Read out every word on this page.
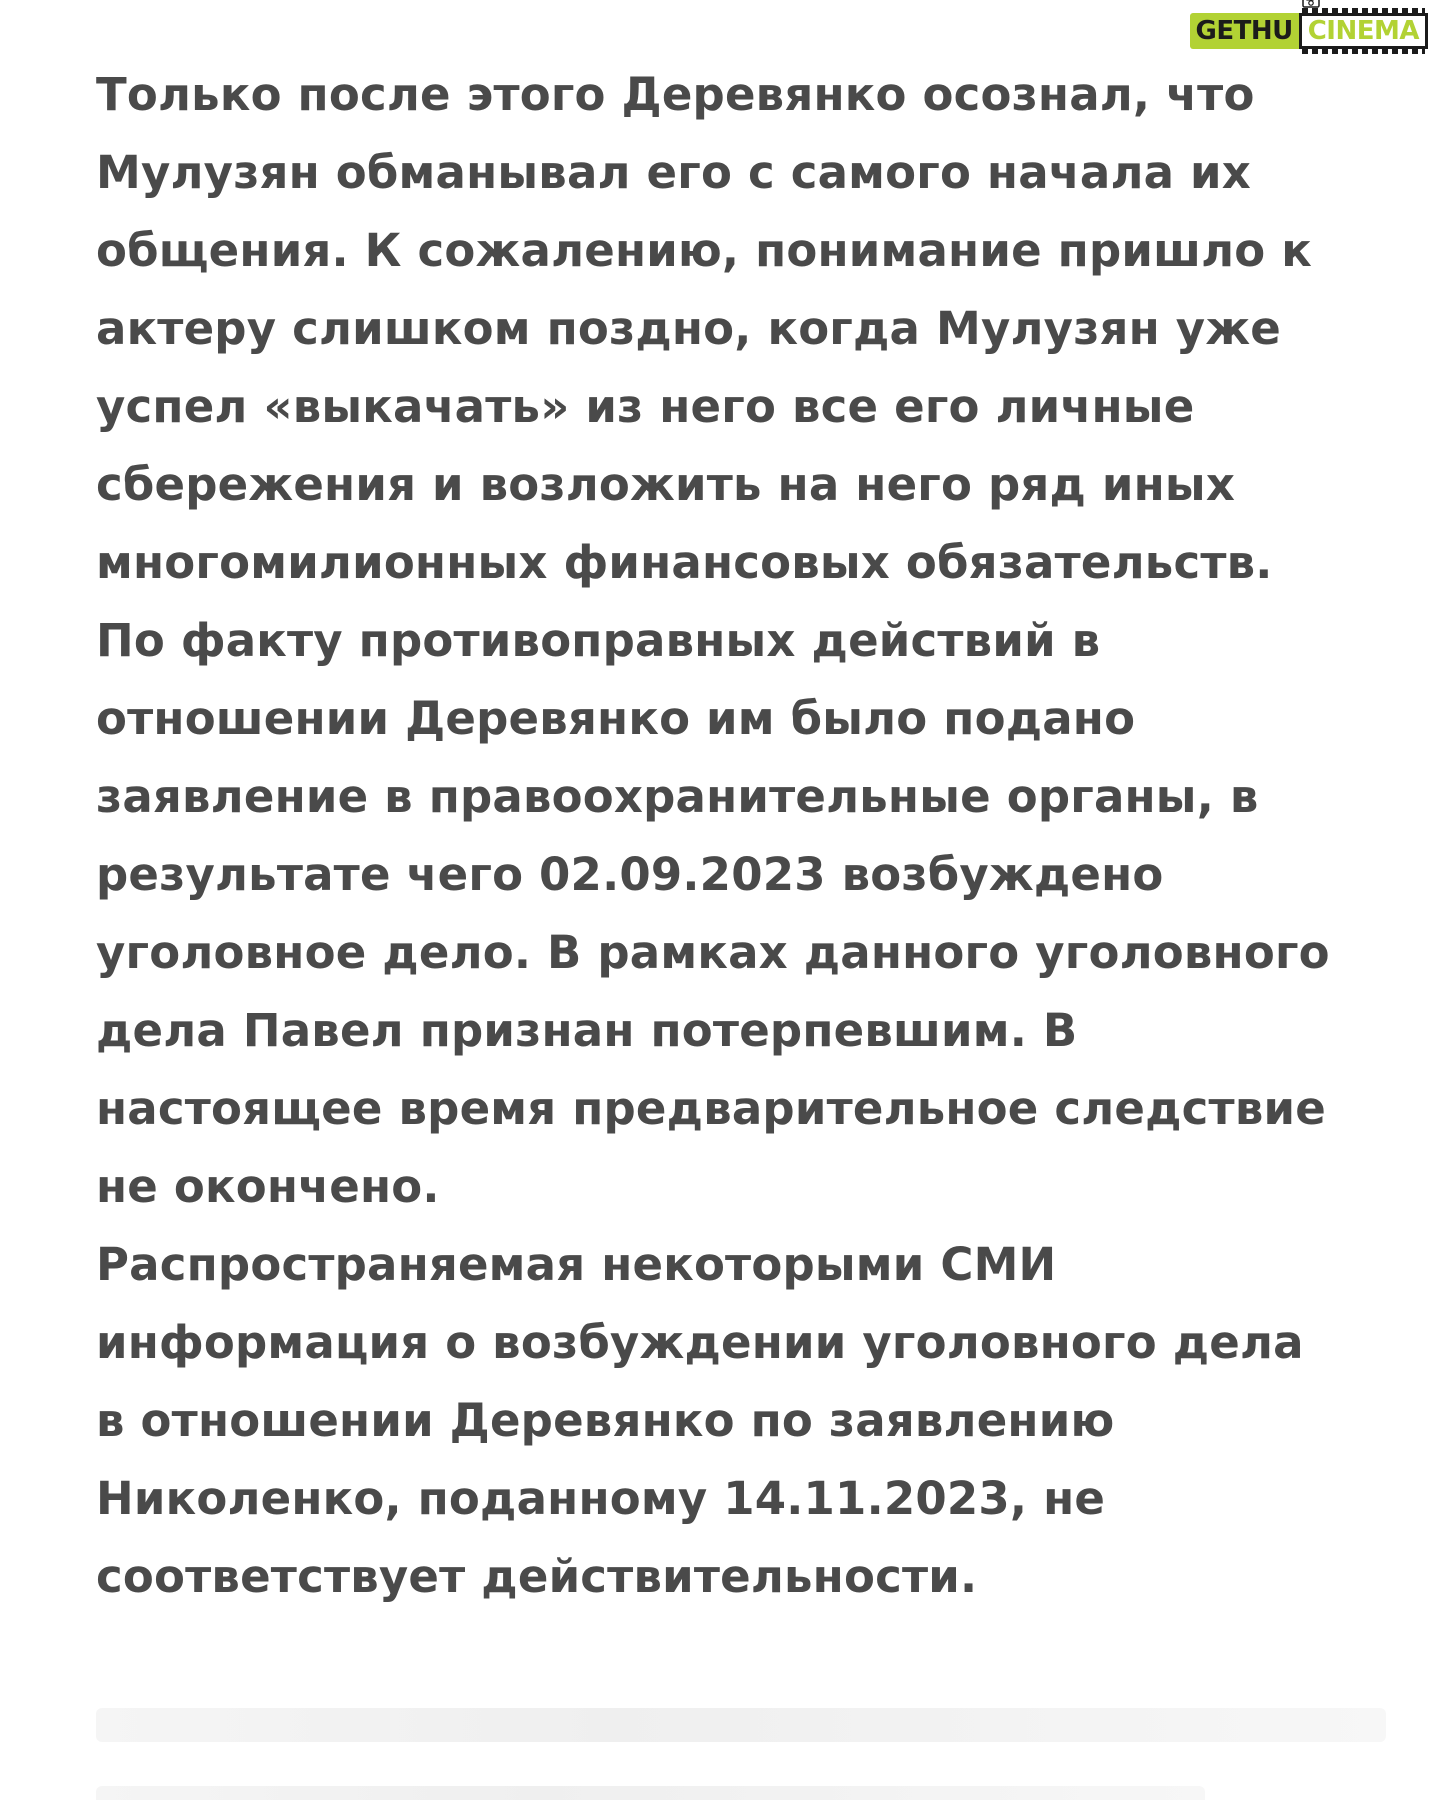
GETHU CINEMA
Только после этого Деревянко осознал, что
Мулузян обманывал его с самого начала их
общения. К сожалению, понимание пришло к
актеру слишком поздно, когда Мулузян уже
успел «выкачать» из него все его личные
сбережения и возложить на него ряд иных
многомилионных финансовых обязательств.
По факту противоправных действий в
отношении Деревянко им было подано
заявление в правоохранительные органы, в
результате чего 02.09.2023 возбуждено
уголовное дело. В рамках данного уголовного
дела Павел признан потерпевшим. В
настоящее время предварительное следствие
не окончено.
Распространяемая некоторыми СМИ
информация о возбуждении уголовного дела
в отношении Деревянко по заявлению
Николенко, поданному 14.11.2023, не
соответствует действительности.
